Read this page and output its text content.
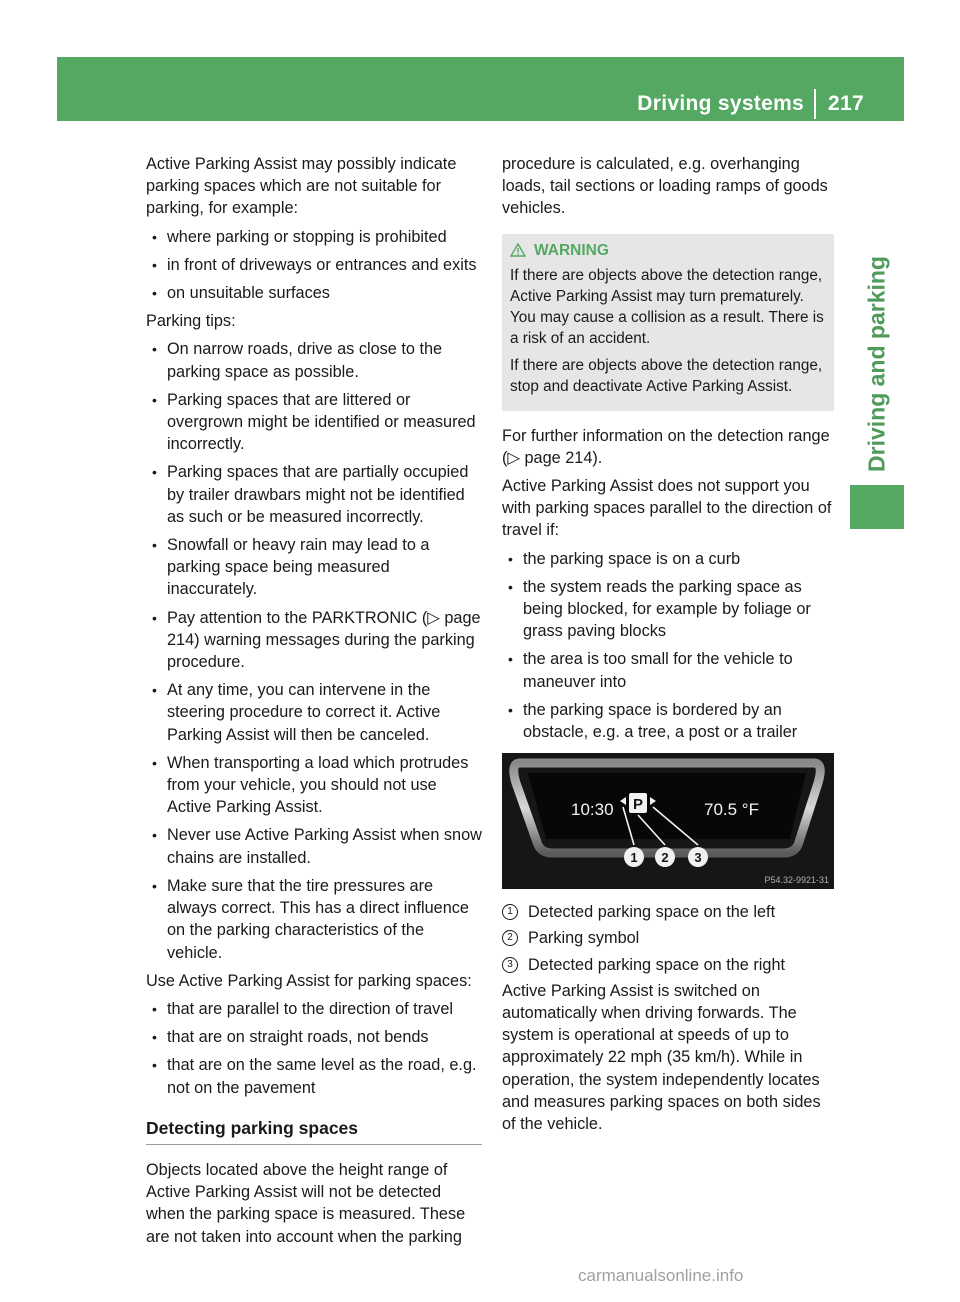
Driving systems 217
Driving and parking

Active Parking Assist may possibly indicate parking spaces which are not suitable for parking, for example:

• where parking or stopping is prohibited
• in front of driveways or entrances and exits
• on unsuitable surfaces

Parking tips:

• On narrow roads, drive as close to the parking space as possible.
• Parking spaces that are littered or overgrown might be identified or measured incorrectly.
• Parking spaces that are partially occupied by trailer drawbars might not be identified as such or be measured incorrectly.
• Snowfall or heavy rain may lead to a parking space being measured inaccurately.
• Pay attention to the PARKTRONIC (▷ page 214) warning messages during the parking procedure.
• At any time, you can intervene in the steering procedure to correct it. Active Parking Assist will then be canceled.
• When transporting a load which protrudes from your vehicle, you should not use Active Parking Assist.
• Never use Active Parking Assist when snow chains are installed.
• Make sure that the tire pressures are always correct. This has a direct influence on the parking characteristics of the vehicle.

Use Active Parking Assist for parking spaces:

• that are parallel to the direction of travel
• that are on straight roads, not bends
• that are on the same level as the road, e.g. not on the pavement
Detecting parking spaces

Objects located above the height range of Active Parking Assist will not be detected when the parking space is measured. These are not taken into account when the parking

procedure is calculated, e.g. overhanging loads, tail sections or loading ramps of goods vehicles.

WARNING

If there are objects above the detection range, Active Parking Assist may turn prematurely. You may cause a collision as a result. There is a risk of an accident.

If there are objects above the detection range, stop and deactivate Active Parking Assist.

For further information on the detection range (▷ page 214).

Active Parking Assist does not support you with parking spaces parallel to the direction of travel if:

• the parking space is on a curb
• the system reads the parking space as being blocked, for example by foliage or grass paving blocks
• the area is too small for the vehicle to maneuver into
• the parking space is bordered by an obstacle, e.g. a tree, a post or a trailer
10:30 P	70.5 °F
1 2 3
P54.32-9921-31
1 Detected parking space on the left
2 Parking symbol
3 Detected parking space on the right

Active Parking Assist is switched on automatically when driving forwards. The system is operational at speeds of up to approximately 22 mph (35 km/h). While in operation, the system independently locates and measures parking spaces on both sides of the vehicle.

carmanualsonline.info
